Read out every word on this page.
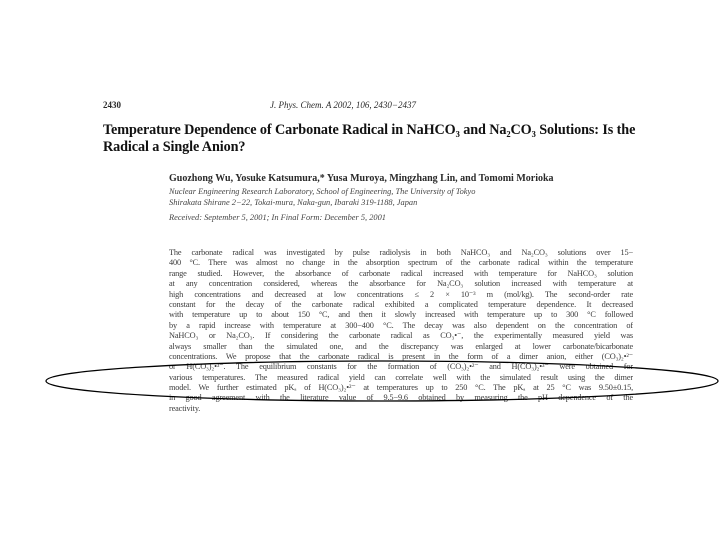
2430	J. Phys. Chem. A 2002, 106, 2430−2437
Temperature Dependence of Carbonate Radical in NaHCO₃ and Na₂CO₃ Solutions: Is the Radical a Single Anion?
Guozhong Wu, Yosuke Katsumura,* Yusa Muroya, Mingzhang Lin, and Tomomi Morioka
Nuclear Engineering Research Laboratory, School of Engineering, The University of Tokyo
Shirakata Shirane 2−22, Tokai-mura, Naka-gun, Ibaraki 319-1188, Japan
Received: September 5, 2001; In Final Form: December 5, 2001
The carbonate radical was investigated by pulse radiolysis in both NaHCO₃ and Na₂CO₃ solutions over 15−
400 °C. There was almost no change in the absorption spectrum of the carbonate radical within the temperature
range studied. However, the absorbance of carbonate radical increased with temperature for NaHCO₃ solution
at any concentration considered, whereas the absorbance for Na₂CO₃ solution increased with temperature at
high concentrations and decreased at low concentrations ≤ 2 × 10⁻³ m (mol/kg). The second-order rate
constant for the decay of the carbonate radical exhibited a complicated temperature dependence. It decreased
with temperature up to about 150 °C, and then it slowly increased with temperature up to 300 °C followed
by a rapid increase with temperature at 300−400 °C. The decay was also dependent on the concentration of
NaHCO₃ or Na₂CO₃. If considering the carbonate radical as CO₃•⁻, the experimentally measured yield was
always smaller than the simulated one, and the discrepancy was enlarged at lower carbonate/bicarbonate
concentrations. We propose that the carbonate radical is present in the form of a dimer anion, either (CO₃)₂•²⁻
or H(CO₃)₂•³⁻. The equilibrium constants for the formation of (CO₃)₂•²⁻ and H(CO₃)₂•³⁻ were obtained for
various temperatures. The measured radical yield can correlate well with the simulated result using the dimer
model. We further estimated pKₐ of H(CO₃)₂•²⁻ at temperatures up to 250 °C. The pKₐ at 25 °C was 9.50±0.15,
in good agreement with the literature value of 9.5−9.6 obtained by measuring the pH dependence of the
reactivity.
